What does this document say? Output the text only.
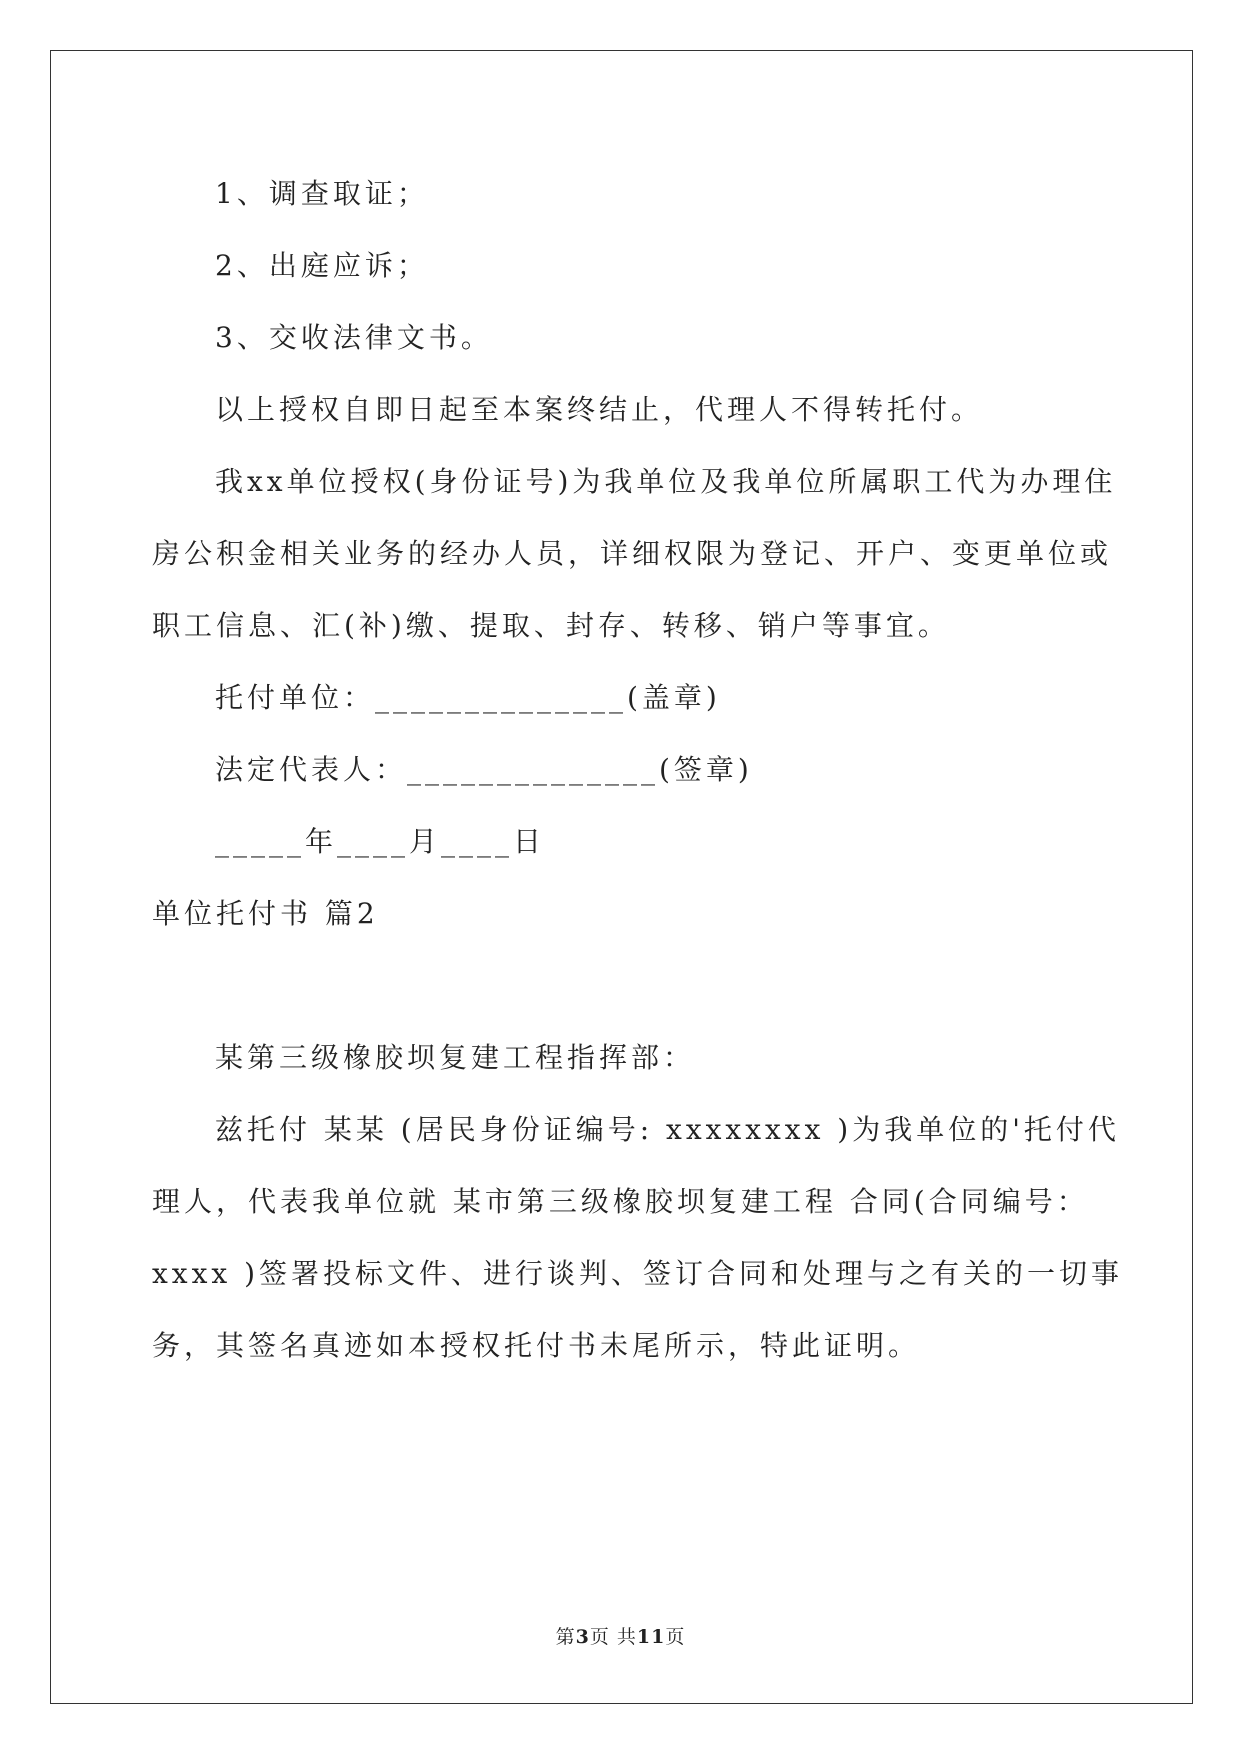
1、调查取证；
2、出庭应诉；
3、交收法律文书。
以上授权自即日起至本案终结止，代理人不得转托付。
我xx单位授权(身份证号)为我单位及我单位所属职工代为办理住
房公积金相关业务的经办人员，详细权限为登记、开户、变更单位或
职工信息、汇(补)缴、提取、封存、转移、销户等事宜。
托付单位：______________(盖章)
法定代表人：______________(签章)
_____年____月____日
单位托付书 篇2
某第三级橡胶坝复建工程指挥部：
兹托付 某某 (居民身份证编号: xxxxxxxx )为我单位的'托付代
理人，代表我单位就 某市第三级橡胶坝复建工程 合同(合同编号：
xxxx )签署投标文件、进行谈判、签订合同和处理与之有关的一切事
务，其签名真迹如本授权托付书未尾所示，特此证明。
第3页 共11页
